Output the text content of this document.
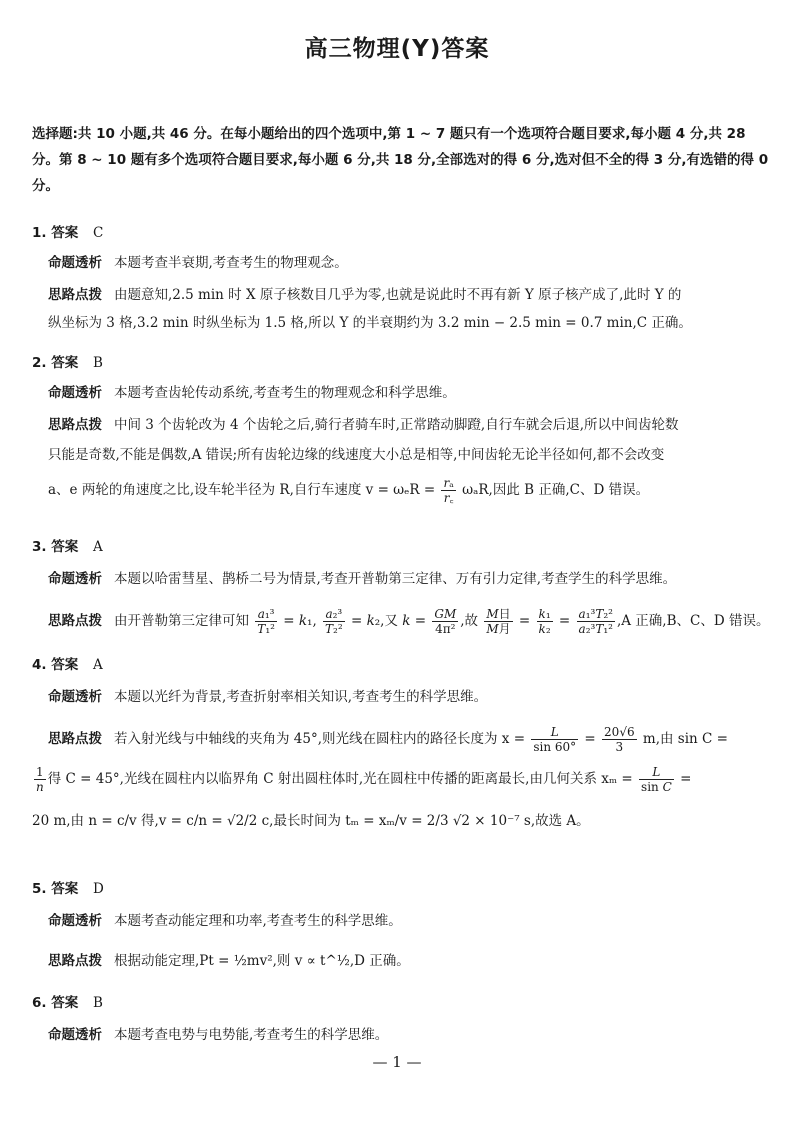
高三物理(Y)答案
选择题:共 10 小题,共 46 分。在每小题给出的四个选项中,第 1 ~ 7 题只有一个选项符合题目要求,每小题 4 分,共 28 分。第 8 ~ 10 题有多个选项符合题目要求,每小题 6 分,共 18 分,全部选对的得 6 分,选对但不全的得 3 分,有选错的得 0 分。
1. 答案 C
命题透析 本题考查半衰期,考查考生的物理观念。
思路点拨 由题意知,2.5 min 时 X 原子核数目几乎为零,也就是说此时不再有新 Y 原子核产成了,此时 Y 的
纵坐标为 3 格,3.2 min 时纵坐标为 1.5 格,所以 Y 的半衰期约为 3.2 min − 2.5 min = 0.7 min,C 正确。
2. 答案 B
命题透析 本题考查齿轮传动系统,考查考生的物理观念和科学思维。
思路点拨 中间 3 个齿轮改为 4 个齿轮之后,骑行者骑车时,正常踏动脚蹬,自行车就会后退,所以中间齿轮数
只能是奇数,不能是偶数,A 错误;所有齿轮边缘的线速度大小总是相等,中间齿轮无论半径如何,都不会改变
a、e 两轮的角速度之比,设车轮半径为 R,自行车速度 $v = \omega_eR = \frac{\text{rₐ}}{r꜀} \omega_aR$,因此 B 正确,C、D 错误。
3. 答案 A
命题透析 本题以哈雷彗星、鹊桥二号为情景,考查开普勒第三定律、万有引力定律,考查学生的科学思维。
思路点拨 由开普勒第三定律可知 $\frac{\text{a₁³}}{\text{T₁²}} = k_1$, $\frac{\text{a₂³}}{\text{T₂²}} = k_2$,又 $k = \frac{GM}{\text{4π²}}$ ,故 $\frac{\text{M日}}{\text{M月}} = \frac{\text{k₁}}{\text{k₂}} = \frac{\text{a₁³T₂²}}{\text{a₂³T₁²}} ,A$ 正确,B、C、D 错误。
4. 答案 A
命题透析 本题以光纤为背景,考查折射率相关知识,考查考生的科学思维。
思路点拨 若入射光线与中轴线的夹角为 45°,则光线在圆柱内的路径长度为 $x = \frac{L}{\sin 60^\circ} = \frac{20√6}{3} m$,由 sin C =
$\frac{1}{n}$ 得 C = 45°,光线在圆柱内以临界角 C 射出圆柱体时,光在圆柱中传播的距离最长,由几何关系 $x_m = \frac{L}{\text{sin C}}$ =
20 m,由 n = c/v 得,v = c/n = √2/2 c,最长时间为 tₘ = xₘ/v = 2/3 √2 × 10⁻⁷ s,故选 A。
5. 答案 D
命题透析 本题考查动能定理和功率,考查考生的科学思维。
思路点拨 根据动能定理,Pt = ½mv²,则 v ∝ t^½,D 正确。
6. 答案 B
命题透析 本题考查电势与电势能,考查考生的科学思维。
— 1 —
